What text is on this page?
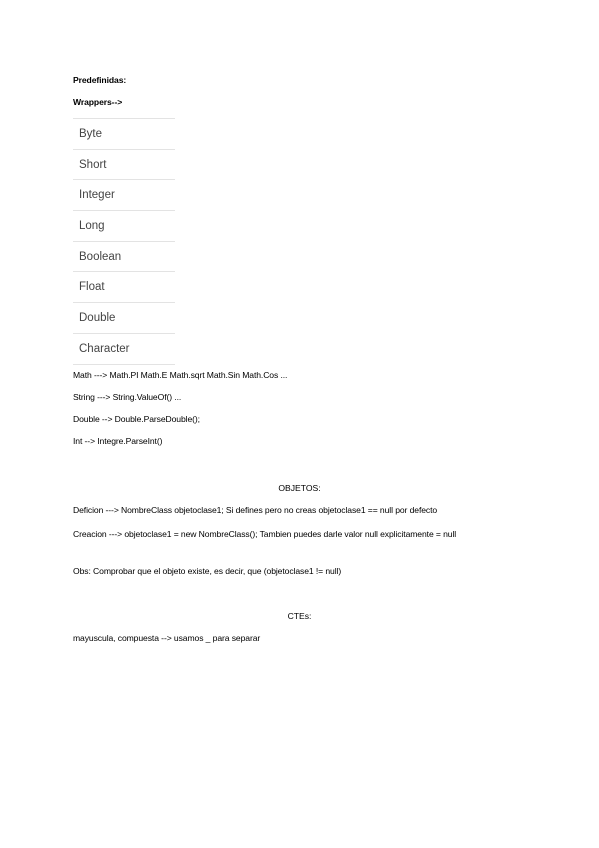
Predefinidas:
Wrappers-->
Byte
Short
Integer
Long
Boolean
Float
Double
Character
Math ---> Math.PI Math.E Math.sqrt Math.Sin Math.Cos ...
String ---> String.ValueOf() ...
Double --> Double.ParseDouble();
Int --> Integre.ParseInt()
OBJETOS:
Deficion ---> NombreClass objetoclase1; Si defines pero no creas objetoclase1 == null por defecto
Creacion ---> objetoclase1 = new NombreClass(); Tambien puedes darle valor null explicitamente = null
Obs: Comprobar que el objeto existe, es decir, que (objetoclase1 != null)
CTEs:
mayuscula, compuesta --> usamos _ para separar
